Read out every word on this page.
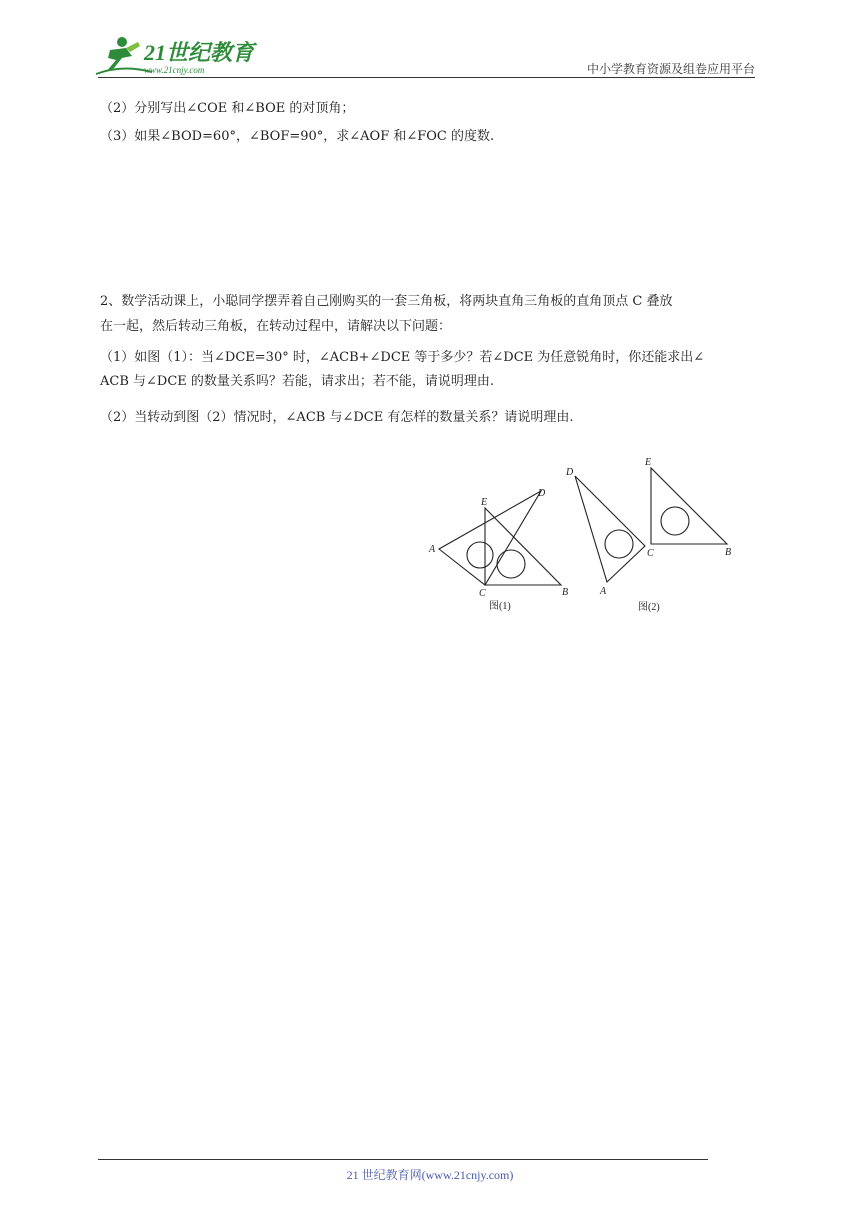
21世纪教育
www.21cnjy.com	中小学教育资源及组卷应用平台
（2）分别写出∠COE 和∠BOE 的对顶角；
（3）如果∠BOD=60°，∠BOF=90°，求∠AOF 和∠FOC 的度数.
2、数学活动课上，小聪同学摆弄着自己刚购买的一套三角板，将两块直角三角板的直角顶点 C 叠放
在一起，然后转动三角板，在转动过程中，请解决以下问题：
（1）如图（1）：当∠DCE=30° 时，∠ACB+∠DCE 等于多少？若∠DCE 为任意锐角时，你还能求出∠
ACB 与∠DCE 的数量关系吗？若能，请求出；若不能，请说明理由.
（2）当转动到图（2）情况时，∠ACB 与∠DCE 有怎样的数量关系？请说明理由.
A
B
C
D
E
图(1)
A
B
C
D
E
图(2)
21 世纪教育网(www.21cnjy.com)
